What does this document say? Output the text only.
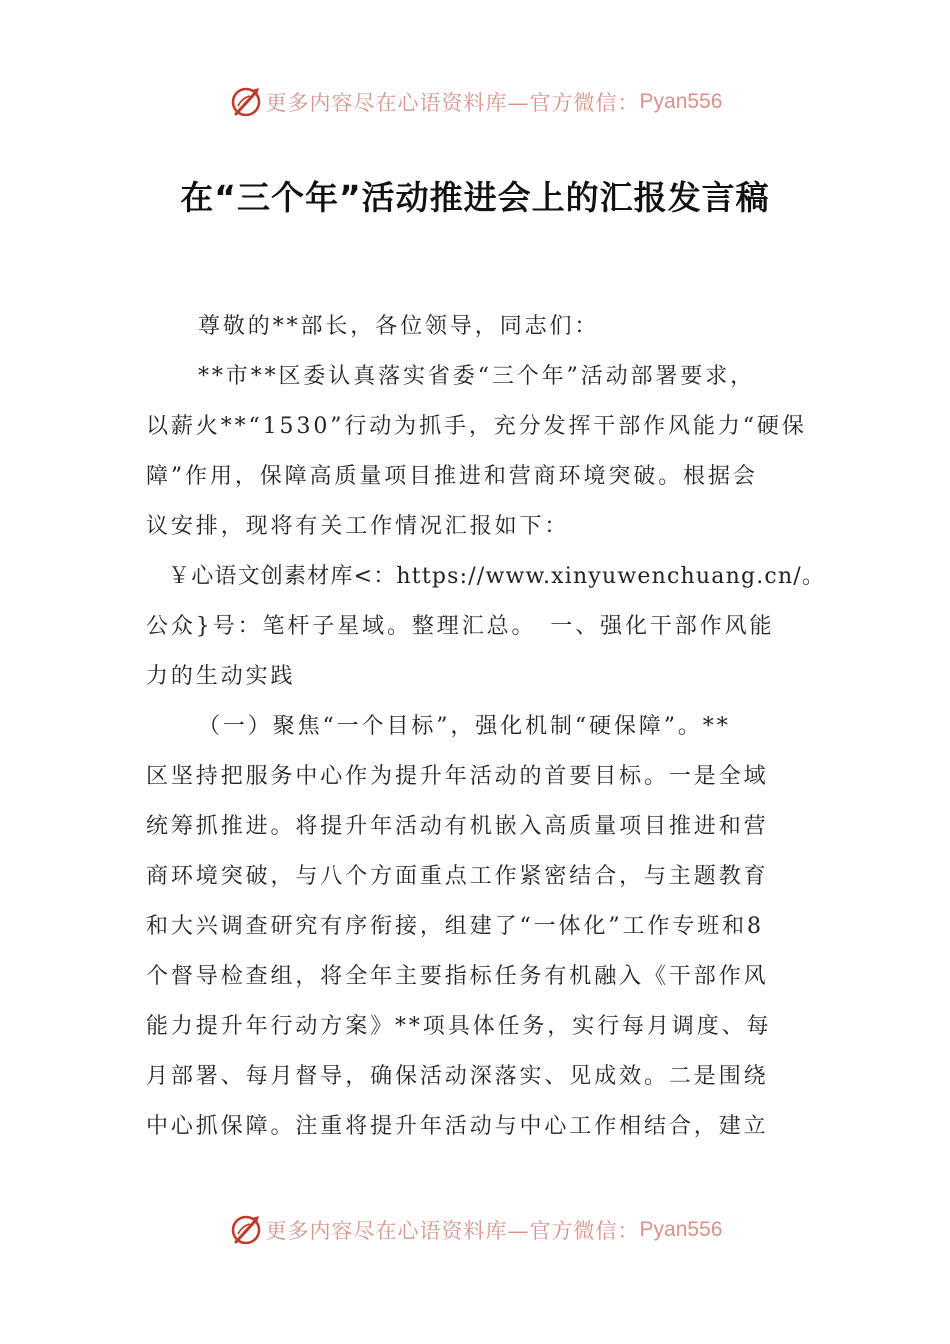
更多内容尽在心语资料库—官方微信： Pyan556
在“三个年”活动推进会上的汇报发言稿
尊敬的**部长，各位领导，同志们：
**市**区委认真落实省委“三个年”活动部署要求，
以薪火**“1530”行动为抓手，充分发挥干部作风能力“硬保
障”作用，保障高质量项目推进和营商环境突破。根据会
议安排，现将有关工作情况汇报如下：
￥心语文创素材库<：https://www.xinyuwenchuang.cn/。
公众}号：笔杆子星域。整理汇总。　一、强化干部作风能
力的生动实践
（一）聚焦“一个目标”，强化机制“硬保障”。**
区坚持把服务中心作为提升年活动的首要目标。一是全域
统筹抓推进。将提升年活动有机嵌入高质量项目推进和营
商环境突破，与八个方面重点工作紧密结合，与主题教育
和大兴调查研究有序衔接，组建了“一体化”工作专班和8
个督导检查组，将全年主要指标任务有机融入《干部作风
能力提升年行动方案》**项具体任务，实行每月调度、每
月部署、每月督导，确保活动深落实、见成效。二是围绕
中心抓保障。注重将提升年活动与中心工作相结合，建立
更多内容尽在心语资料库—官方微信： Pyan556
